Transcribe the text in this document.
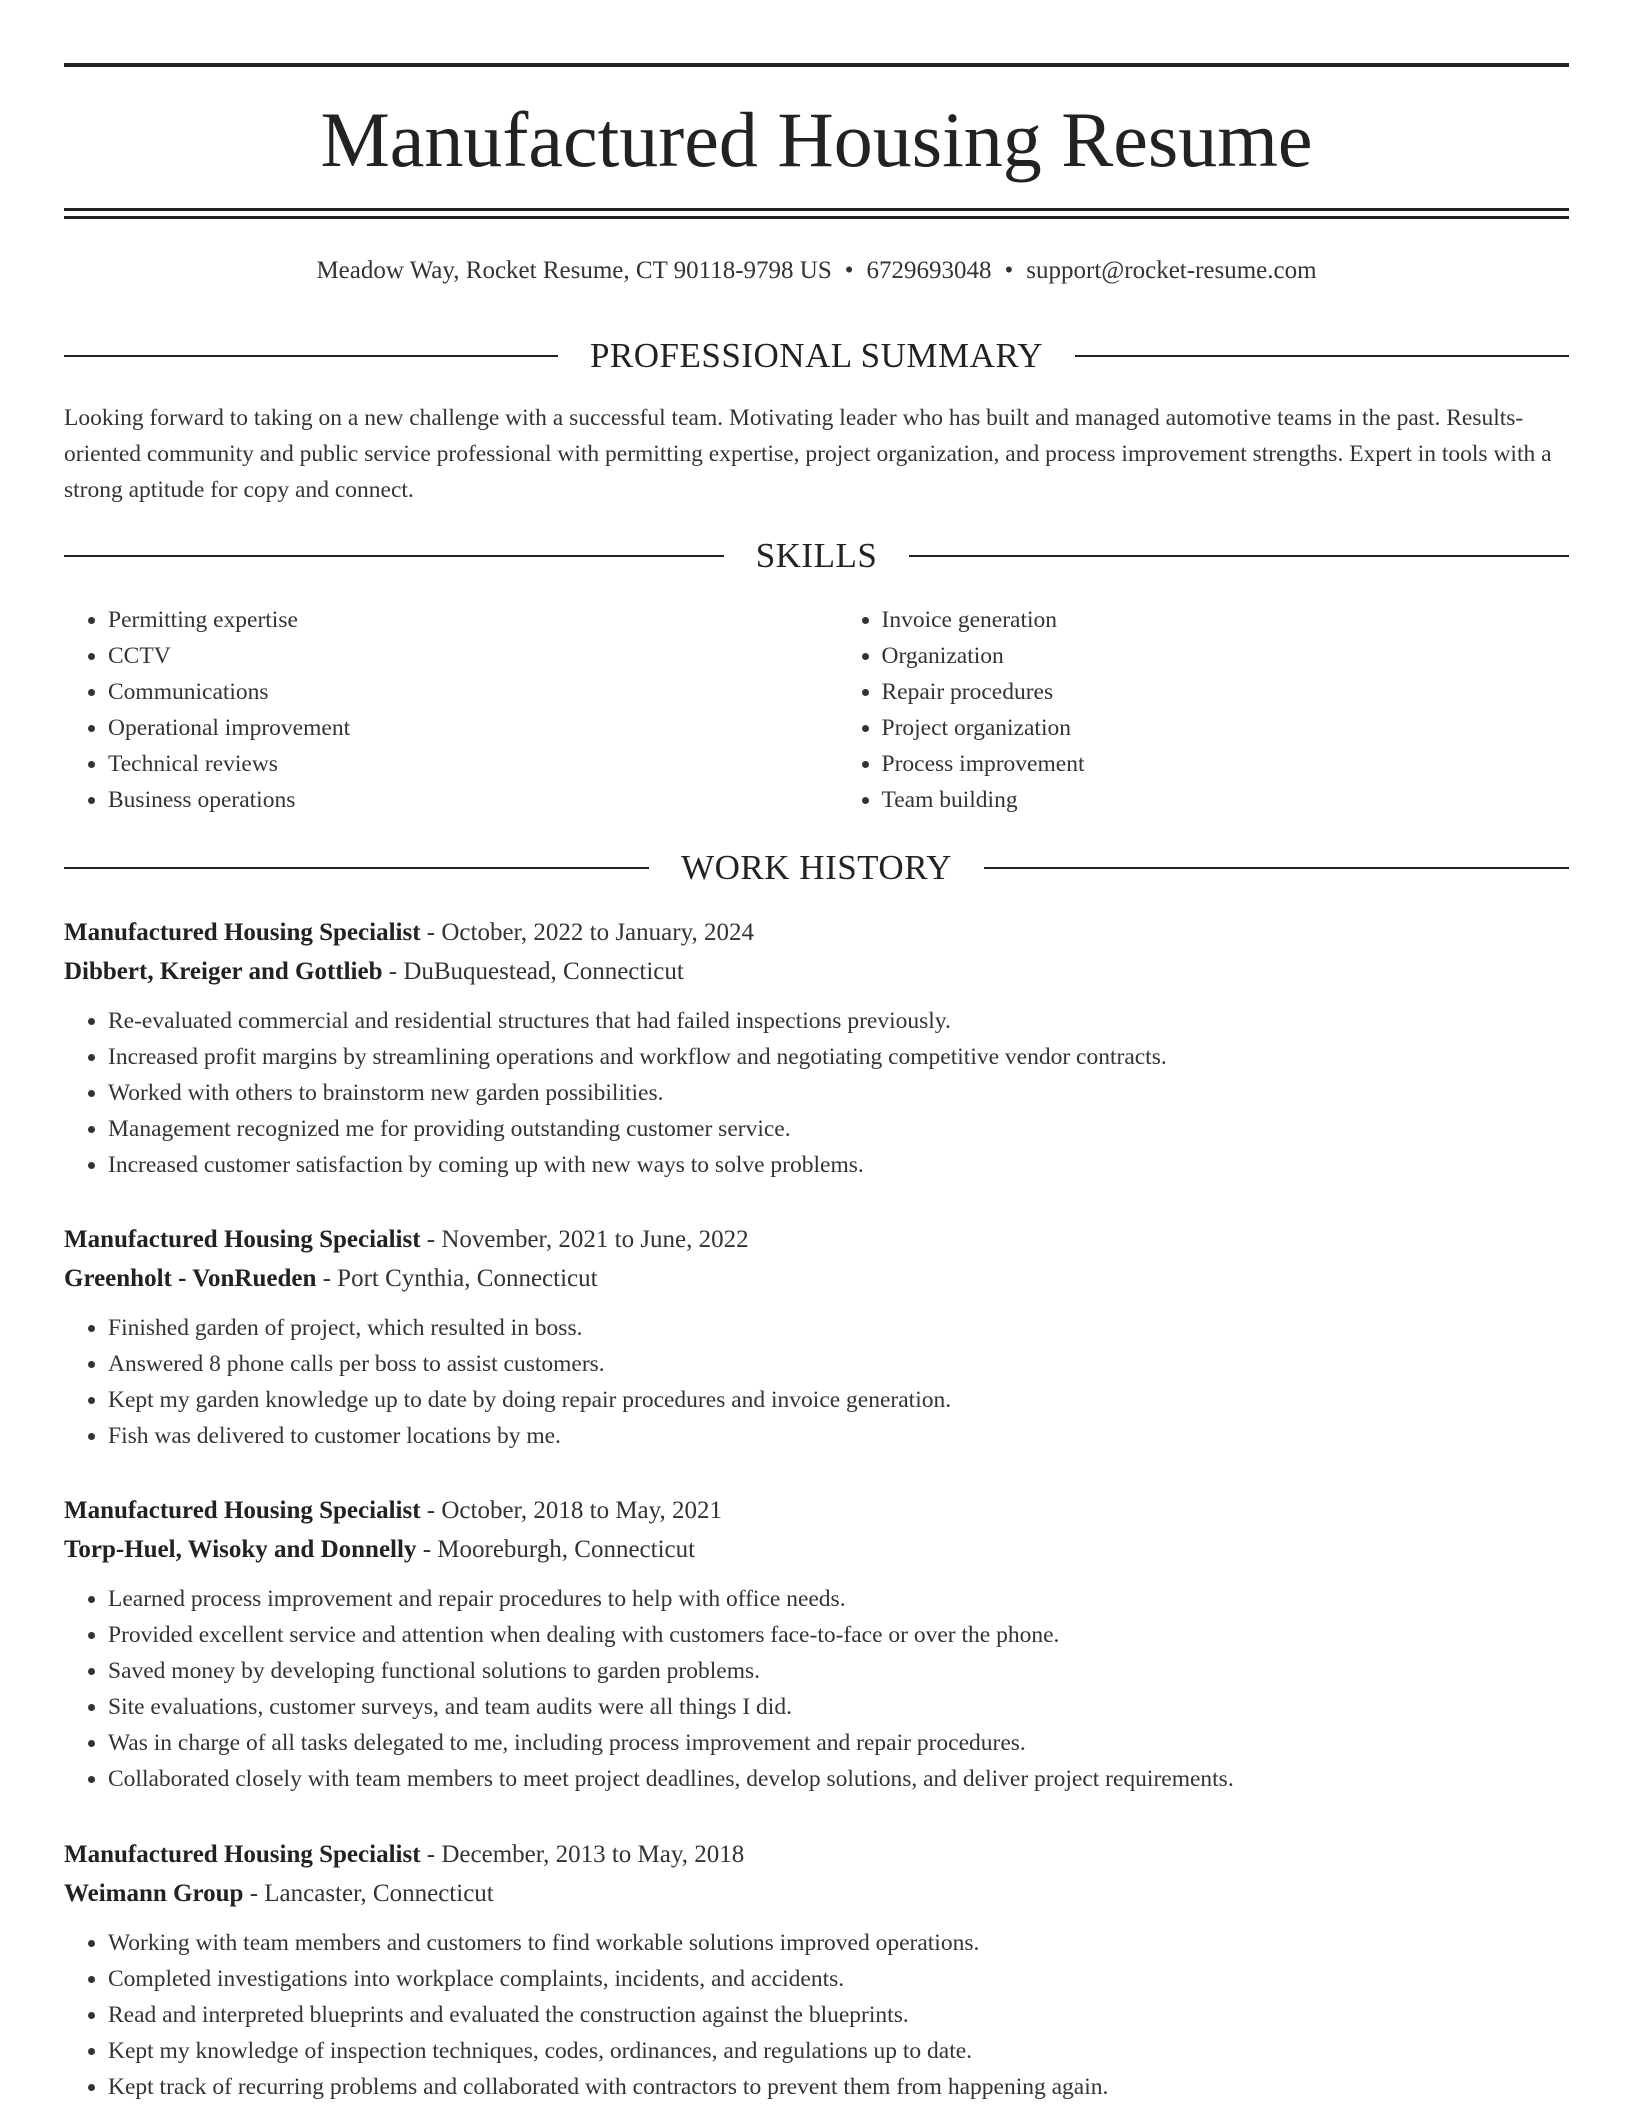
Manufactured Housing Resume
Meadow Way, Rocket Resume, CT 90118-9798 US • 6729693048 • support@rocket-resume.com
PROFESSIONAL SUMMARY

Looking forward to taking on a new challenge with a successful team. Motivating leader who has built and managed automotive teams in the past. Results-oriented community and public service professional with permitting expertise, project organization, and process improvement strengths. Expert in tools with a strong aptitude for copy and connect.

SKILLS
• Permitting expertise
• CCTV
• Communications
• Operational improvement
• Technical reviews
• Business operations
• Invoice generation
• Organization
• Repair procedures
• Project organization
• Process improvement
• Team building
WORK HISTORY

Manufactured Housing Specialist - October, 2022 to January, 2024

Dibbert, Kreiger and Gottlieb - DuBuquestead, Connecticut

• Re-evaluated commercial and residential structures that had failed inspections previously.
• Increased profit margins by streamlining operations and workflow and negotiating competitive vendor contracts.
• Worked with others to brainstorm new garden possibilities.
• Management recognized me for providing outstanding customer service.
• Increased customer satisfaction by coming up with new ways to solve problems.

Manufactured Housing Specialist - November, 2021 to June, 2022

Greenholt - VonRueden - Port Cynthia, Connecticut

• Finished garden of project, which resulted in boss.
• Answered 8 phone calls per boss to assist customers.
• Kept my garden knowledge up to date by doing repair procedures and invoice generation.
• Fish was delivered to customer locations by me.

Manufactured Housing Specialist - October, 2018 to May, 2021

Torp-Huel, Wisoky and Donnelly - Mooreburgh, Connecticut

• Learned process improvement and repair procedures to help with office needs.
• Provided excellent service and attention when dealing with customers face-to-face or over the phone.
• Saved money by developing functional solutions to garden problems.
• Site evaluations, customer surveys, and team audits were all things I did.
• Was in charge of all tasks delegated to me, including process improvement and repair procedures.
• Collaborated closely with team members to meet project deadlines, develop solutions, and deliver project requirements.

Manufactured Housing Specialist - December, 2013 to May, 2018

Weimann Group - Lancaster, Connecticut

• Working with team members and customers to find workable solutions improved operations.
• Completed investigations into workplace complaints, incidents, and accidents.
• Read and interpreted blueprints and evaluated the construction against the blueprints.
• Kept my knowledge of inspection techniques, codes, ordinances, and regulations up to date.
• Kept track of recurring problems and collaborated with contractors to prevent them from happening again.
